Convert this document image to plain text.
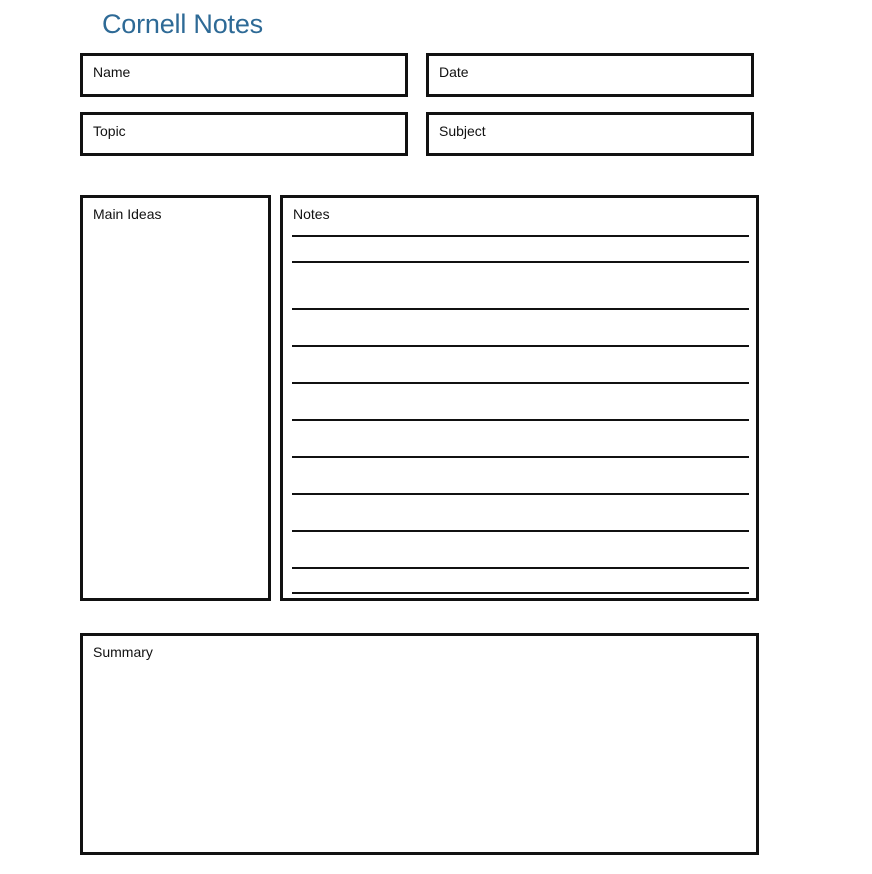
Cornell Notes
Name	Date
Topic	Subject
Main Ideas	Notes
Summary
